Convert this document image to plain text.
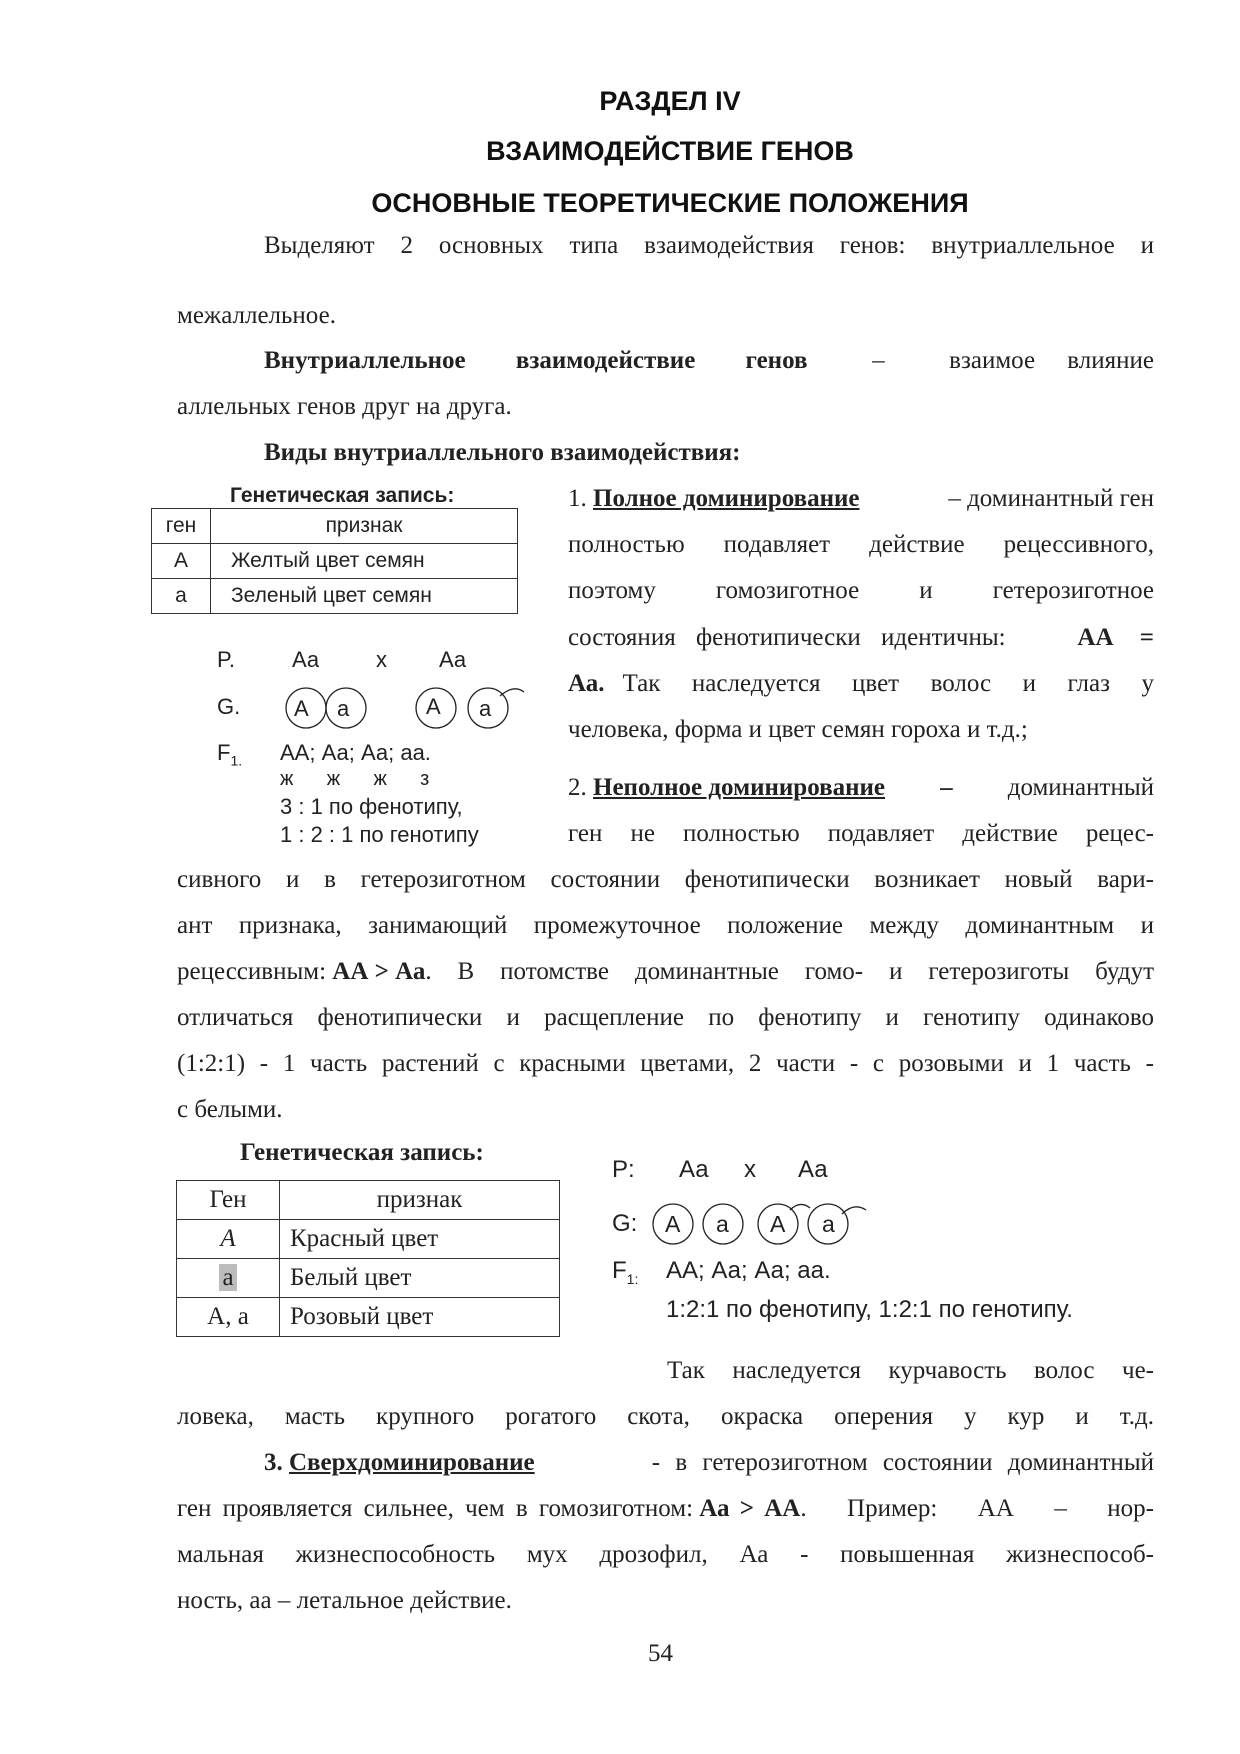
РАЗДЕЛ IV
ВЗАИМОДЕЙСТВИЕ ГЕНОВ
ОСНОВНЫЕ ТЕОРЕТИЧЕСКИЕ ПОЛОЖЕНИЯ
Выделяют 2 основных типа взаимодействия генов: внутриаллельное и
межаллельное.
Внутриаллельное взаимодействие генов	–	взаимое влияние
аллельных генов друг на друга.
Виды внутриаллельного взаимодействия:
Генетическая запись:
ген	признак
А	Желтый цвет семян
а	Зеленый цвет семян
P.	Аа	х Аа
G. А а	А а
$F_{1.}$ АА; Аа; Аа; аа.
ж      ж      ж      з
3 : 1 по фенотипу,
1 : 2 : 1 по генотипу
1. Полное доминирование	– доминантный ген
полностью подавляет действие рецессивного,
поэтому гомозиготное и гетерозиготное
состояния фенотипически идентичны:	АА =
Аа. Так наследуется цвет волос и глаз у
человека, форма и цвет семян гороха и т.д.;
2. Неполное доминирование – доминантный
ген не полностью подавляет действие рецес-
сивного и в гетерозиготном состоянии фенотипически возникает новый вари-
ант признака, занимающий промежуточное положение между доминантным и
рецессивным:
АА > Аа . В потомстве доминантные гомо- и гетерозиготы будут
отличаться фенотипически и расщепление по фенотипу и генотипу одинаково
(1:2:1) - 1 часть растений с красными цветами, 2 части - с розовыми и 1 часть -
с белыми.
Генетическая запись:
Ген	признак
А	Красный цвет
а	Белый цвет
А, а	Розовый цвет
P: Аа х Аа
G: А а А а
$F_{1:}$ АА; Аа; Аа; аа.
1:2:1 по фенотипу, 1:2:1 по генотипу.
Так наследуется курчавость волос че-
ловека, масть крупного рогатого скота, окраска оперения у кур и т.д.
3. Сверхдоминирование	- в гетерозиготном состоянии доминантный
ген проявляется сильнее, чем в гомозиготном:
Аа > АА . Пример: АА – нор-
мальная жизнеспособность мух дрозофил, Аа - повышенная жизнеспособ-
ность, аа – летальное действие.
54
